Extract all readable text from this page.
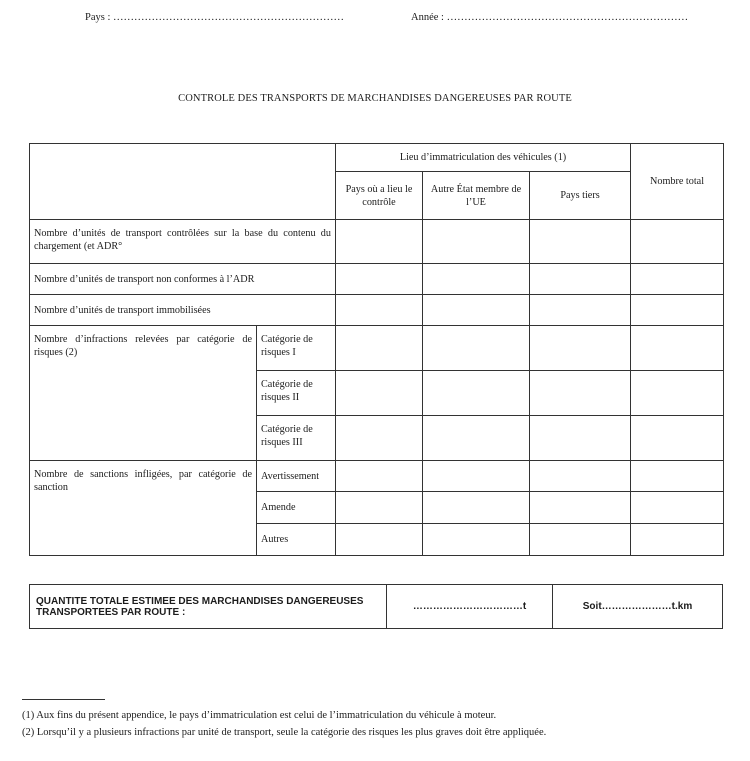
Pays : …………………………………………………………	Année : ……………………………………………………………
CONTROLE DES TRANSPORTS DE MARCHANDISES DANGEREUSES PAR ROUTE
		Lieu d’immatriculation des véhicules (1)			Nombre total
		Pays où a lieu le contrôle	Autre État membre de l’UE	Pays tiers	
Nombre d’unités de transport contrôlées sur la base du contenu du chargement (et ADR°					
Nombre d’unités de transport non conformes à l’ADR					
Nombre d’unités de transport immobilisées					
Nombre d’infractions relevées par catégorie de risques (2)	Catégorie de risques I				
	Catégorie de risques II				
	Catégorie de risques III				
Nombre de sanctions infligées, par catégorie de sanction	Avertissement				
	Amende				
	Autres				
QUANTITE TOTALE ESTIMEE DES MARCHANDISES DANGEREUSES TRANSPORTEES PAR ROUTE :	……………………………t	Soit…………………t.km
(1) Aux fins du présent appendice, le pays d’immatriculation est celui de l’immatriculation du véhicule à moteur.
(2) Lorsqu’il y a plusieurs infractions par unité de transport, seule la catégorie des risques les plus graves doit être appliquée.
